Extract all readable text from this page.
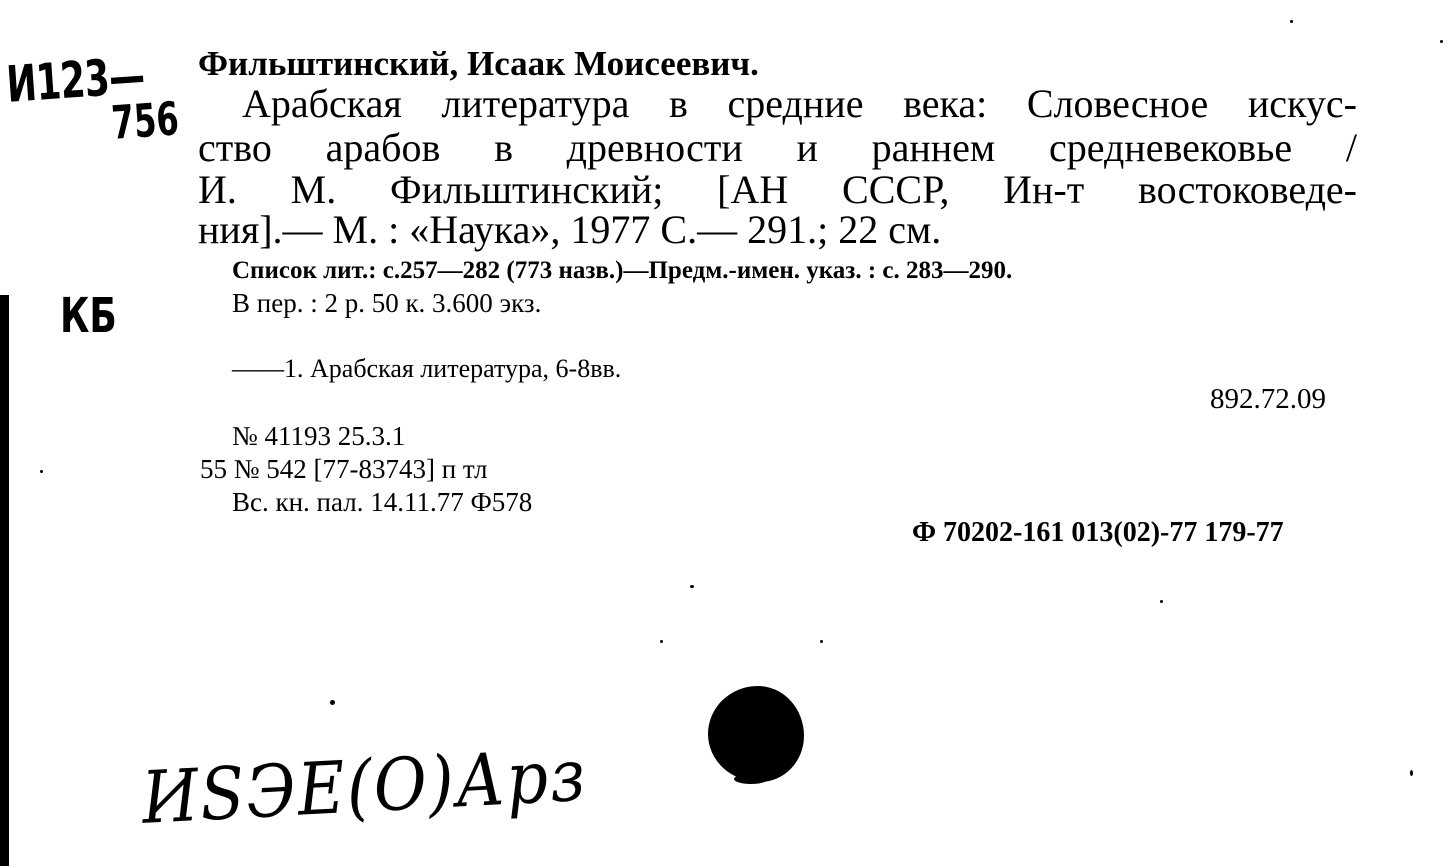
И123—
756
КБ
Фильштинский, Исаак Моисеевич.
Арабская литература в средние века: Словесное искус-
ство арабов в древности и раннем средневековье /
И. М. Фильштинский; [АН СССР, Ин-т востоковеде-
ния].— М. : «Наука», 1977 С.— 291.; 22 см.
Список лит.: с.257—282 (773 назв.)—Предм.-имен. указ. : с. 283—290.
В пер. : 2 р. 50 к. 3.600 экз.
——1. Арабская литература, 6-8вв.
892.72.09
№ 41193 25.3.1
55 № 542 [77-83743] п тл
Вс. кн. пал. 14.11.77 Ф578
Ф 70202-161 013(02)-77 179-77
ИSЭЕ(О)Арз
